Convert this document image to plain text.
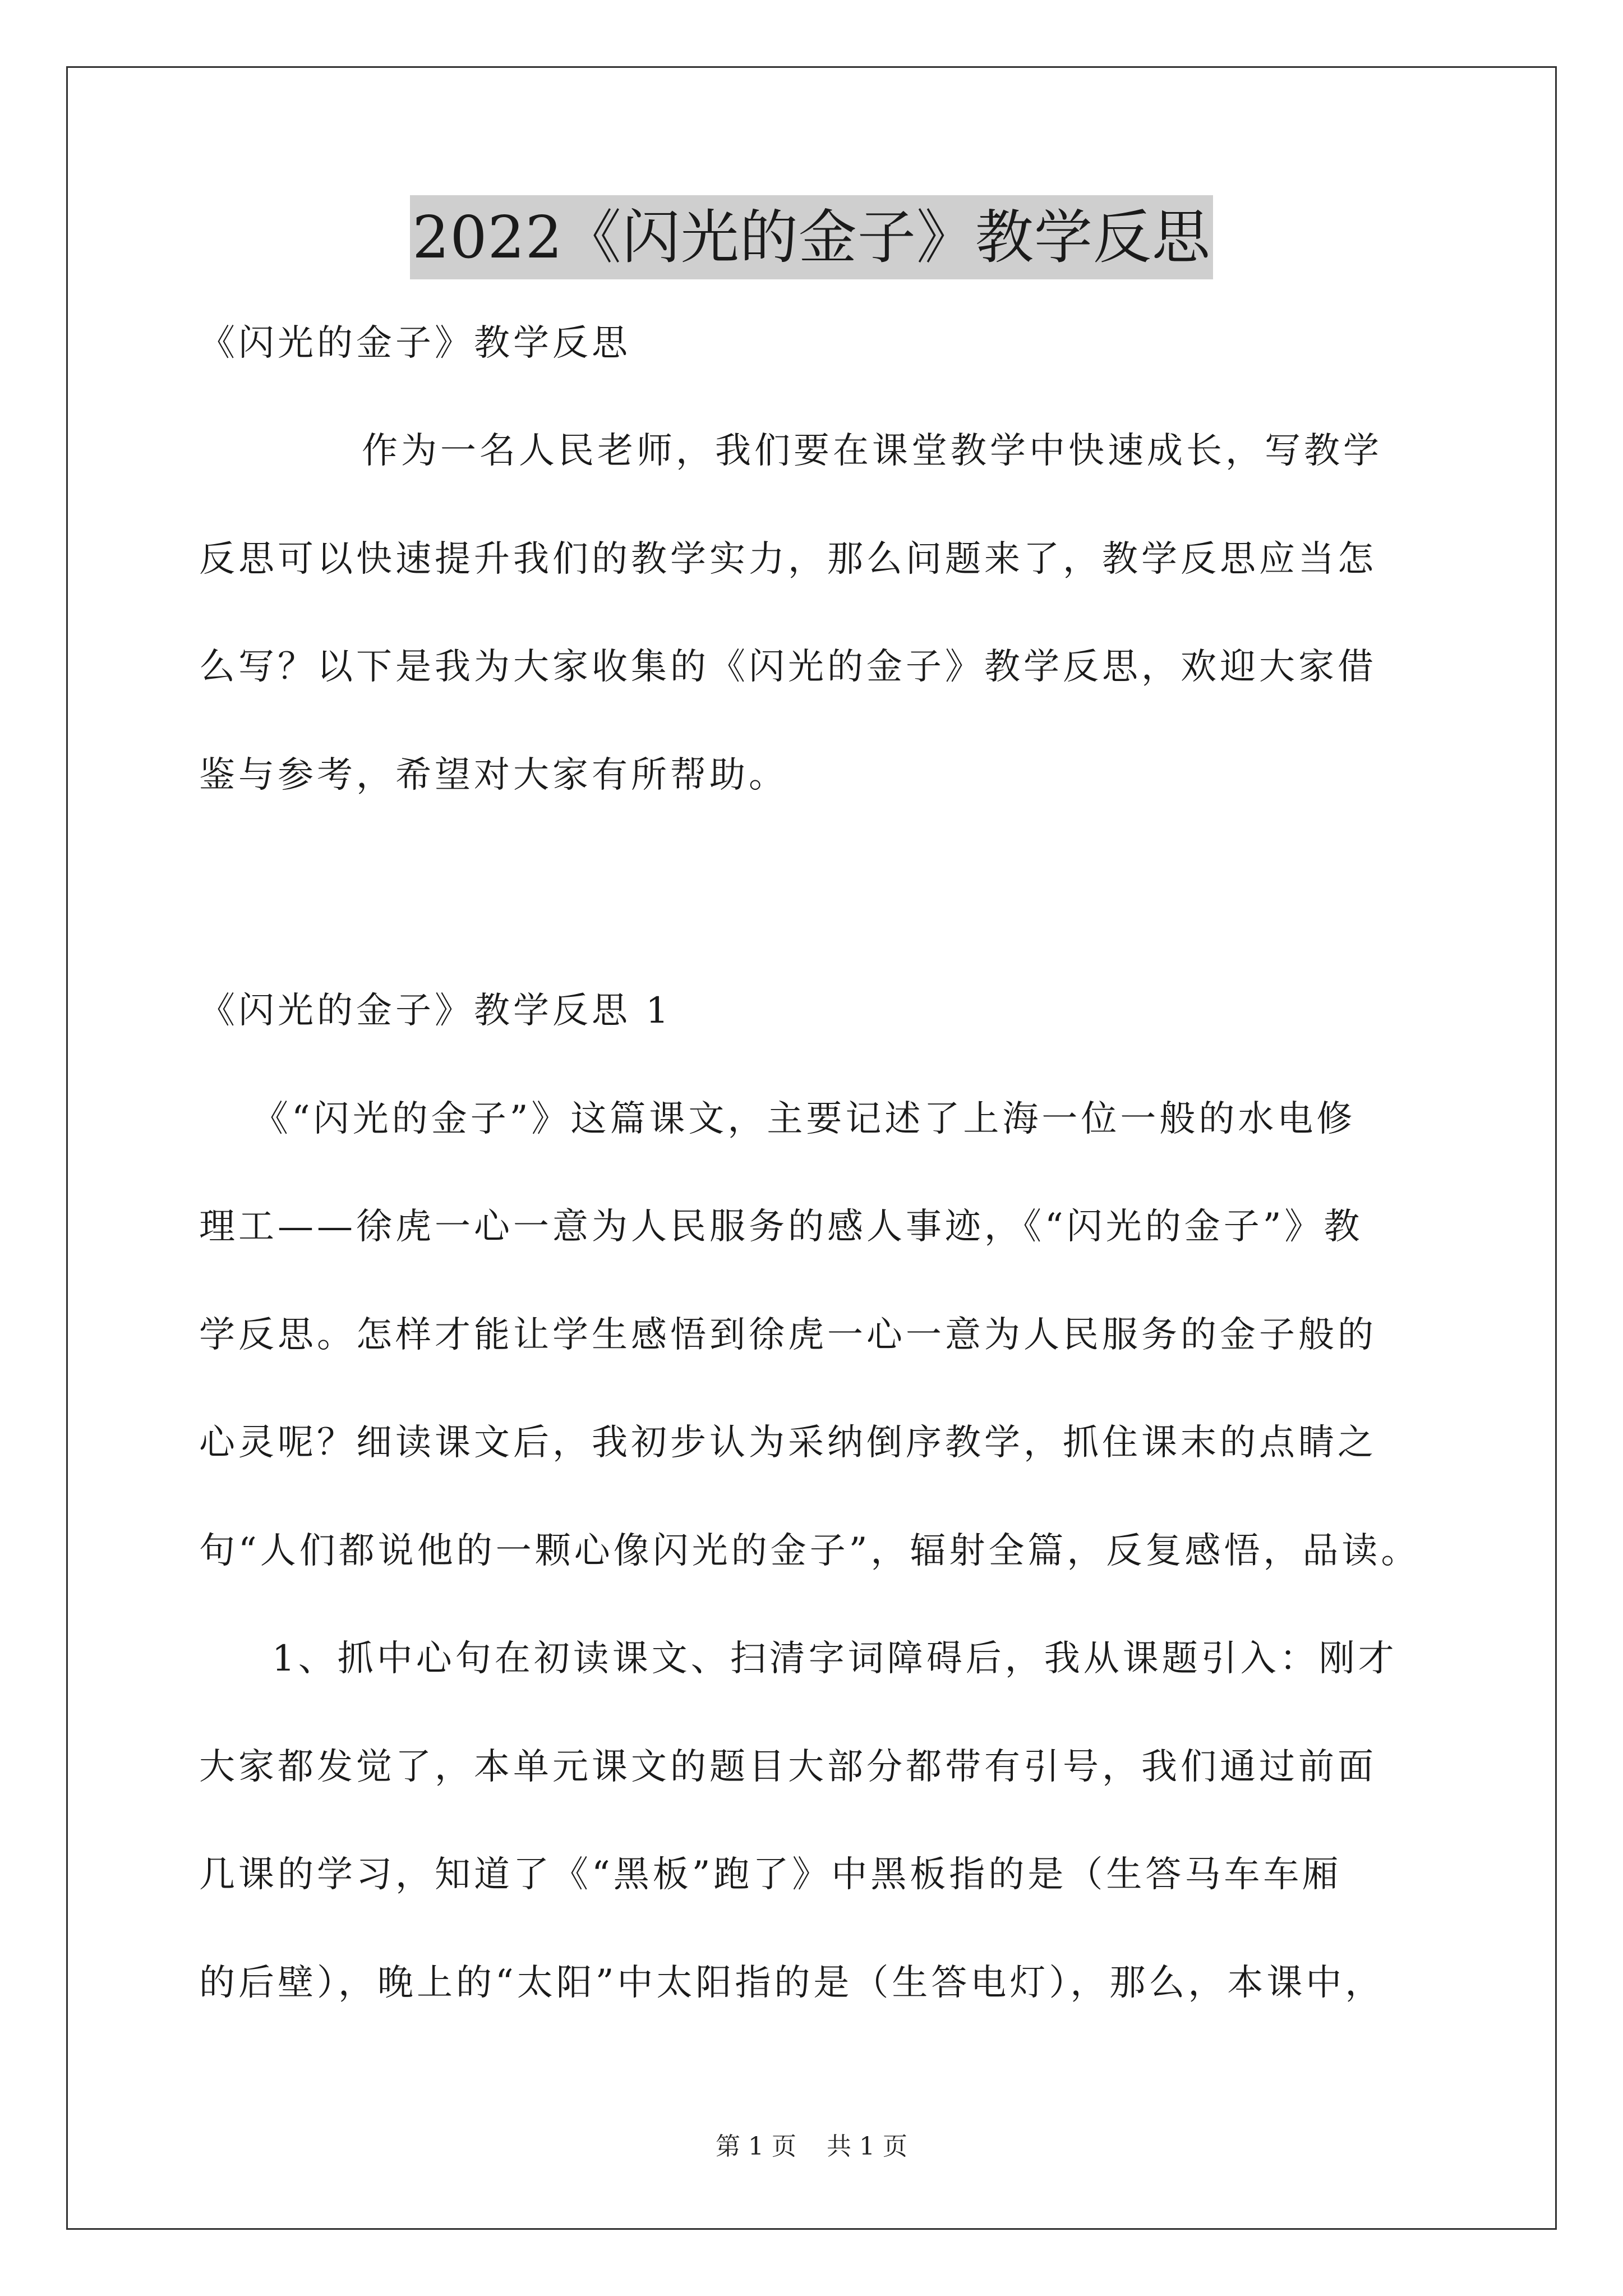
2022《闪光的金子》教学反思
《闪光的金子》教学反思
作为一名人民老师，我们要在课堂教学中快速成长，写教学
反思可以快速提升我们的教学实力，那么问题来了，教学反思应当怎
么写？以下是我为大家收集的《闪光的金子》教学反思，欢迎大家借
鉴与参考，希望对大家有所帮助。
《闪光的金子》教学反思 1
《“闪光的金子”》这篇课文，主要记述了上海一位一般的水电修
理工——徐虎一心一意为人民服务的感人事迹，《“闪光的金子”》教
学反思。怎样才能让学生感悟到徐虎一心一意为人民服务的金子般的
心灵呢？细读课文后，我初步认为采纳倒序教学，抓住课末的点睛之
句“人们都说他的一颗心像闪光的金子”，辐射全篇，反复感悟，品读。
1、抓中心句在初读课文、扫清字词障碍后，我从课题引入：刚才
大家都发觉了，本单元课文的题目大部分都带有引号，我们通过前面
几课的学习，知道了《“黑板”跑了》中黑板指的是（生答马车车厢
的后壁），晚上的“太阳”中太阳指的是（生答电灯），那么，本课中，
第 1 页 共 1 页
